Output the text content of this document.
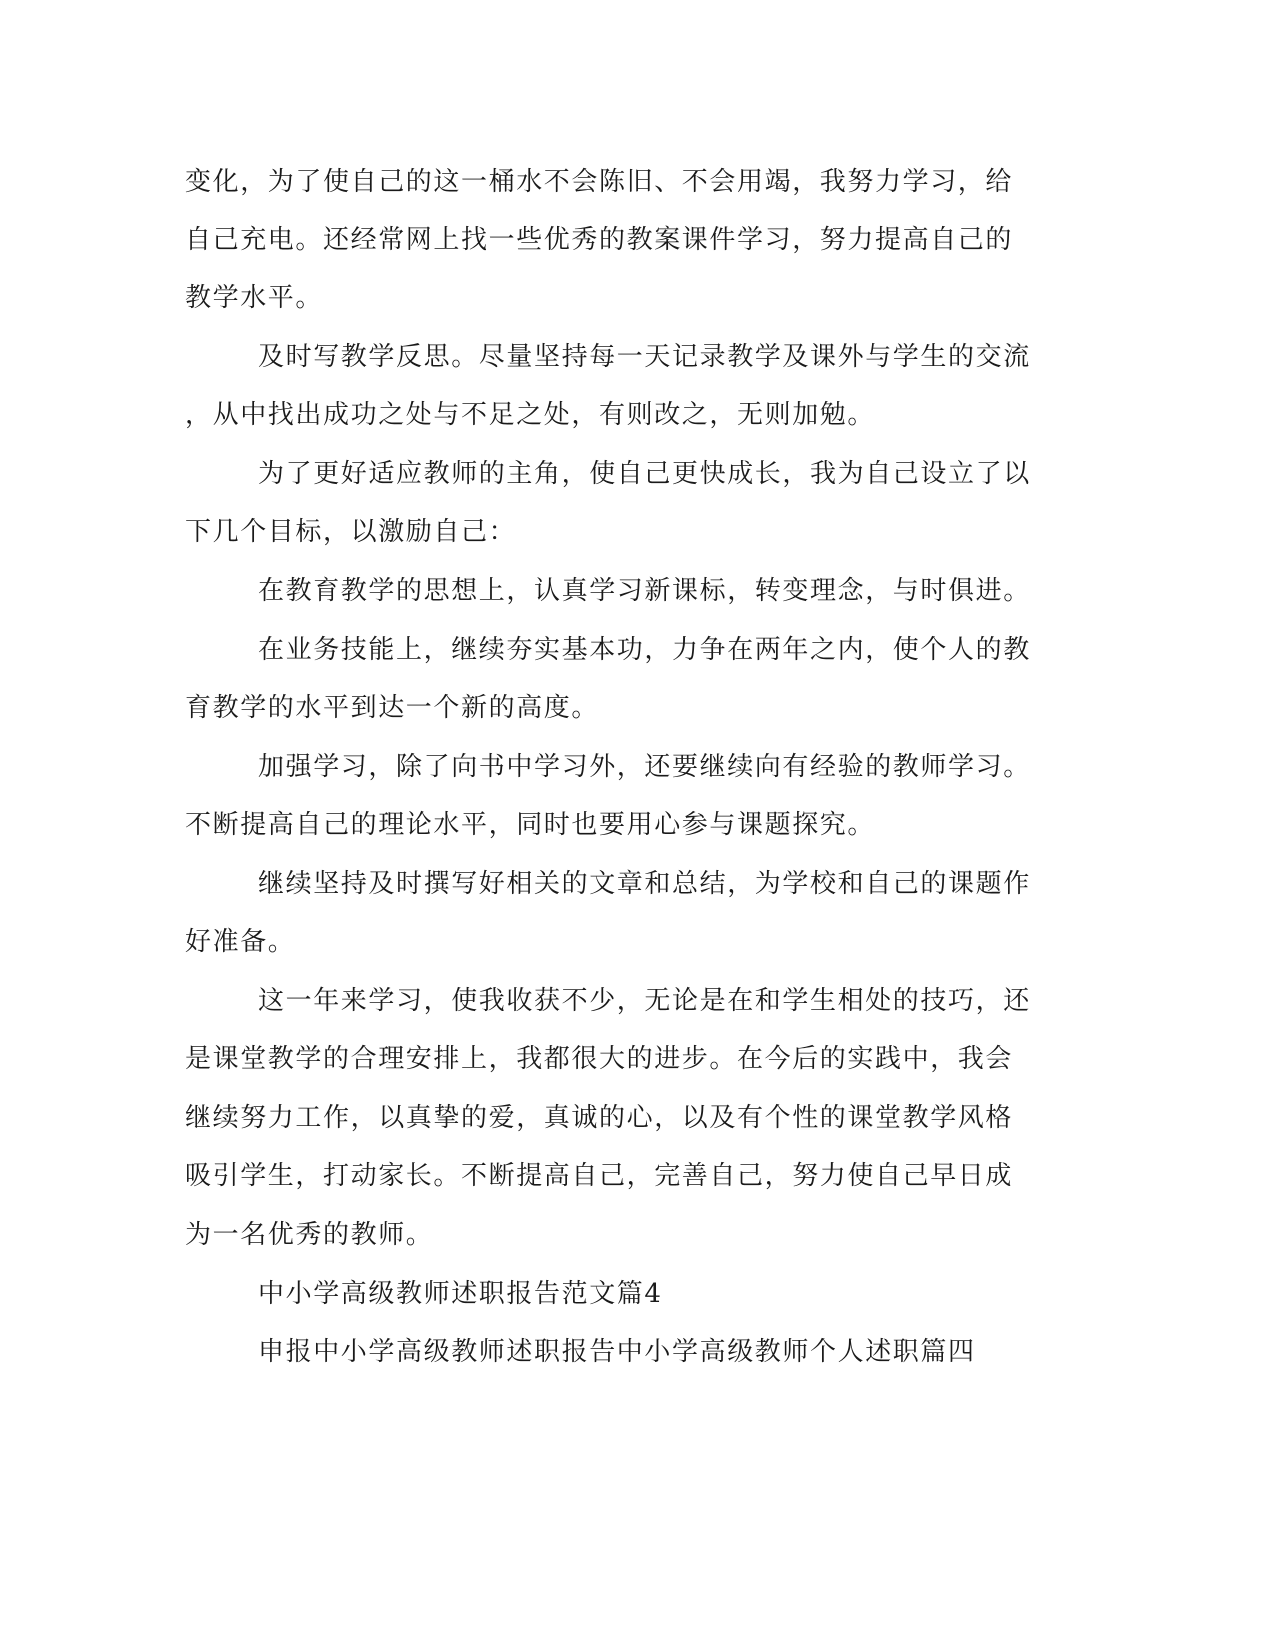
变化，为了使自己的这一桶水不会陈旧、不会用竭，我努力学习，给
自己充电。还经常网上找一些优秀的教案课件学习，努力提高自己的
教学水平。
及时写教学反思。尽量坚持每一天记录教学及课外与学生的交流
，从中找出成功之处与不足之处，有则改之，无则加勉。
为了更好适应教师的主角，使自己更快成长，我为自己设立了以
下几个目标，以激励自己：
在教育教学的思想上，认真学习新课标，转变理念，与时俱进。
在业务技能上，继续夯实基本功，力争在两年之内，使个人的教
育教学的水平到达一个新的高度。
加强学习，除了向书中学习外，还要继续向有经验的教师学习。
不断提高自己的理论水平，同时也要用心参与课题探究。
继续坚持及时撰写好相关的文章和总结，为学校和自己的课题作
好准备。
这一年来学习，使我收获不少，无论是在和学生相处的技巧，还
是课堂教学的合理安排上，我都很大的进步。在今后的实践中，我会
继续努力工作，以真挚的爱，真诚的心，以及有个性的课堂教学风格
吸引学生，打动家长。不断提高自己，完善自己，努力使自己早日成
为一名优秀的教师。
中小学高级教师述职报告范文篇4
申报中小学高级教师述职报告中小学高级教师个人述职篇四
